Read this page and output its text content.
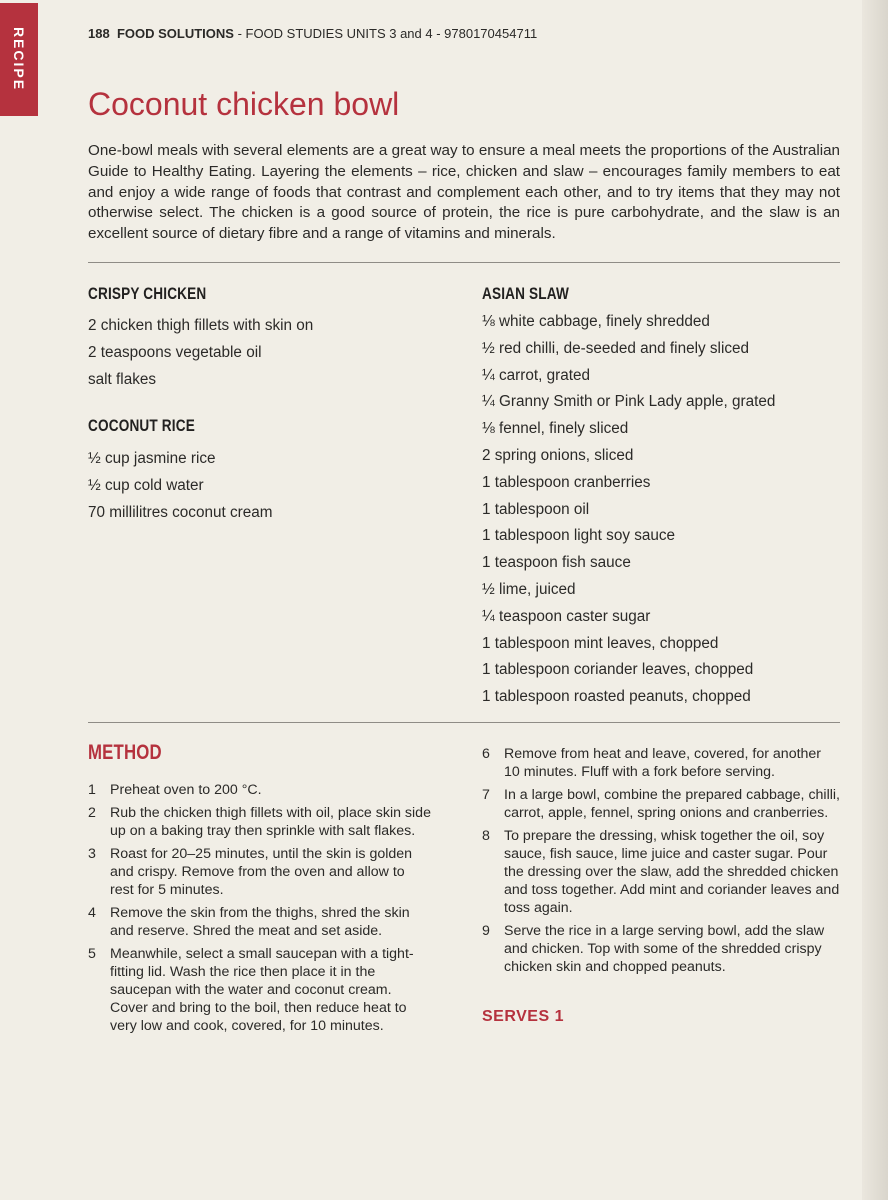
RECIPE	188 FOOD SOLUTIONS - FOOD STUDIES UNITS 3 and 4 - 9780170454711
Coconut chicken bowl

One-bowl meals with several elements are a great way to ensure a meal meets the proportions of the Australian Guide to Healthy Eating. Layering the elements – rice, chicken and slaw – encourages family members to eat and enjoy a wide range of foods that contrast and complement each other, and to try items that they may not otherwise select. The chicken is a good source of protein, the rice is pure carbohydrate, and the slaw is an excellent source of dietary fibre and a range of vitamins and minerals.

CRISPY CHICKEN
2 chicken thigh fillets with skin on
2 teaspoons vegetable oil
salt flakes
COCONUT RICE
½ cup jasmine rice
½ cup cold water
70 millilitres coconut cream
ASIAN SLAW
⅛ white cabbage, finely shredded
½ red chilli, de-seeded and finely sliced
¼ carrot, grated
¼ Granny Smith or Pink Lady apple, grated
⅛ fennel, finely sliced
2 spring onions, sliced
1 tablespoon cranberries
1 tablespoon oil
1 tablespoon light soy sauce
1 teaspoon fish sauce
½ lime, juiced
¼ teaspoon caster sugar
1 tablespoon mint leaves, chopped
1 tablespoon coriander leaves, chopped
1 tablespoon roasted peanuts, chopped
METHOD
1 Preheat oven to 200 °C.
2 Rub the chicken thigh fillets with oil, place skin side up on a baking tray then sprinkle with salt flakes.
3 Roast for 20–25 minutes, until the skin is golden and crispy. Remove from the oven and allow to rest for 5 minutes.
4 Remove the skin from the thighs, shred the skin and reserve. Shred the meat and set aside.
5 Meanwhile, select a small saucepan with a tight-fitting lid. Wash the rice then place it in the saucepan with the water and coconut cream. Cover and bring to the boil, then reduce heat to very low and cook, covered, for 10 minutes.
6 Remove from heat and leave, covered, for another 10 minutes. Fluff with a fork before serving.
7 In a large bowl, combine the prepared cabbage, chilli, carrot, apple, fennel, spring onions and cranberries.
8 To prepare the dressing, whisk together the oil, soy sauce, fish sauce, lime juice and caster sugar. Pour the dressing over the slaw, add the shredded chicken and toss together. Add mint and coriander leaves and toss again.
9 Serve the rice in a large serving bowl, add the slaw and chicken. Top with some of the shredded crispy chicken skin and chopped peanuts.
SERVES 1
